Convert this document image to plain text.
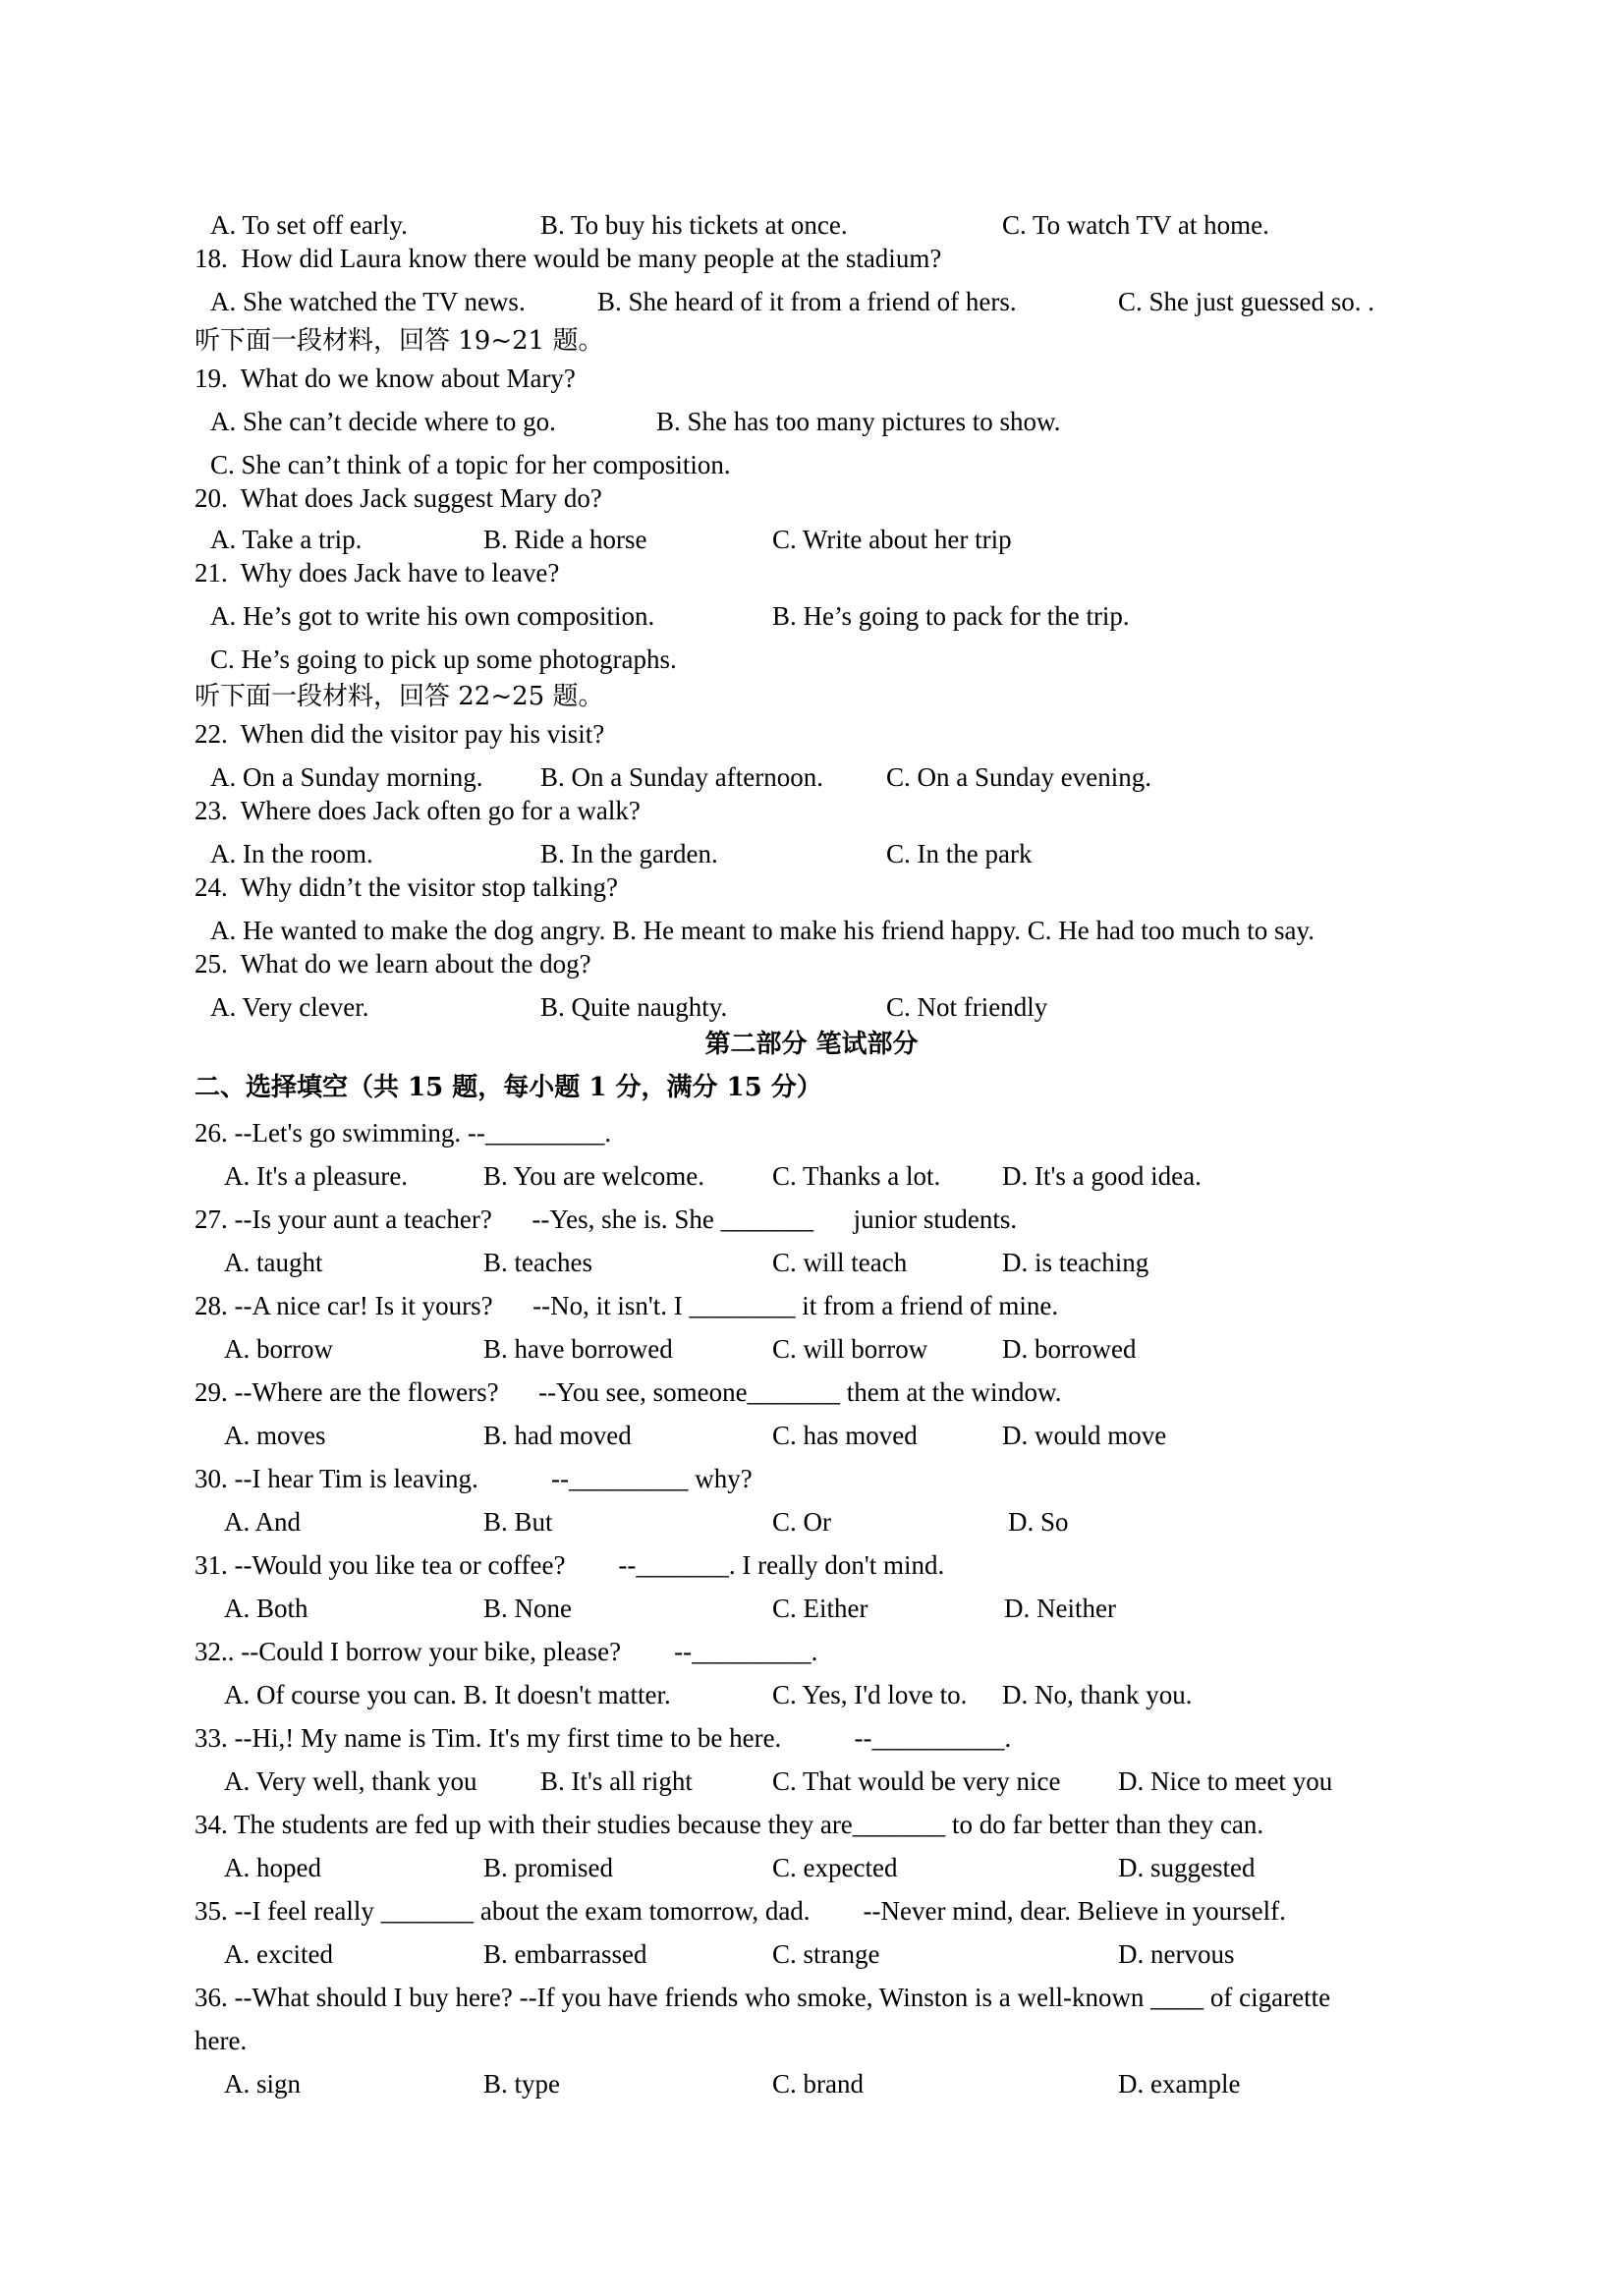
A. To set off early.	B. To buy his tickets at once.	C. To watch TV at home.
18.  How did Laura know there would be many people at the stadium?
A. She watched the TV news.	B. She heard of it from a friend of hers.	C. She just guessed so. .
听下面一段材料，回答 19~21 题。
19.  What do we know about Mary?
A. She can’t decide where to go.	B. She has too many pictures to show.
C. She can’t think of a topic for her composition.
20.  What does Jack suggest Mary do?
A. Take a trip.	B. Ride a horse	C. Write about her trip
21.  Why does Jack have to leave?
A. He’s got to write his own composition.	B. He’s going to pack for the trip.
C. He’s going to pick up some photographs.
听下面一段材料，回答 22~25 题。
22.  When did the visitor pay his visit?
A. On a Sunday morning. B. On a Sunday afternoon. C. On a Sunday evening.
23.  Where does Jack often go for a walk?
A. In the room.	B. In the garden.	C. In the park
24.  Why didn’t the visitor stop talking?
A. He wanted to make the dog angry. B. He meant to make his friend happy. C. He had too much to say.
25.  What do we learn about the dog?
A. Very clever.	B. Quite naughty.	C. Not friendly
第二部分 笔试部分
二、选择填空（共 15 题，每小题 1 分，满分 15 分）
26. --Let's go swimming. --_________.
A. It's a pleasure.	B. You are welcome.	C. Thanks a lot. D. It's a good idea.
27. --Is your aunt a teacher?      --Yes, she is. She _______      junior students.
A. taught	B. teaches	C. will teach	D. is teaching
28. --A nice car! Is it yours?      --No, it isn't. I ________ it from a friend of mine.
A. borrow	B. have borrowed	C. will borrow	D. borrowed
29. --Where are the flowers?      --You see, someone_______ them at the window.
A. moves	B. had moved	C. has moved	D. would move
30. --I hear Tim is leaving.           --_________ why?
A. And	B. But	C. Or	D. So
31. --Would you like tea or coffee?        --_______. I really don't mind.
A. Both	B. None	C. Either	D. Neither
32.. --Could I borrow your bike, please?        --_________.
A. Of course you can. B. It doesn't matter.	C. Yes, I'd love to. D. No, thank you.
33. --Hi,! My name is Tim. It's my first time to be here.           --__________.
A. Very well, thank you B. It's all right	C. That would be very nice D. Nice to meet you
34. The students are fed up with their studies because they are_______ to do far better than they can.
A. hoped	B. promised	C. expected	D. suggested
35. --I feel really _______ about the exam tomorrow, dad.        --Never mind, dear. Believe in yourself.
A. excited	B. embarrassed	C. strange	D. nervous
36. --What should I buy here? --If you have friends who smoke, Winston is a well-known ____ of cigarette
here.
A. sign	B. type	C. brand	D. example
